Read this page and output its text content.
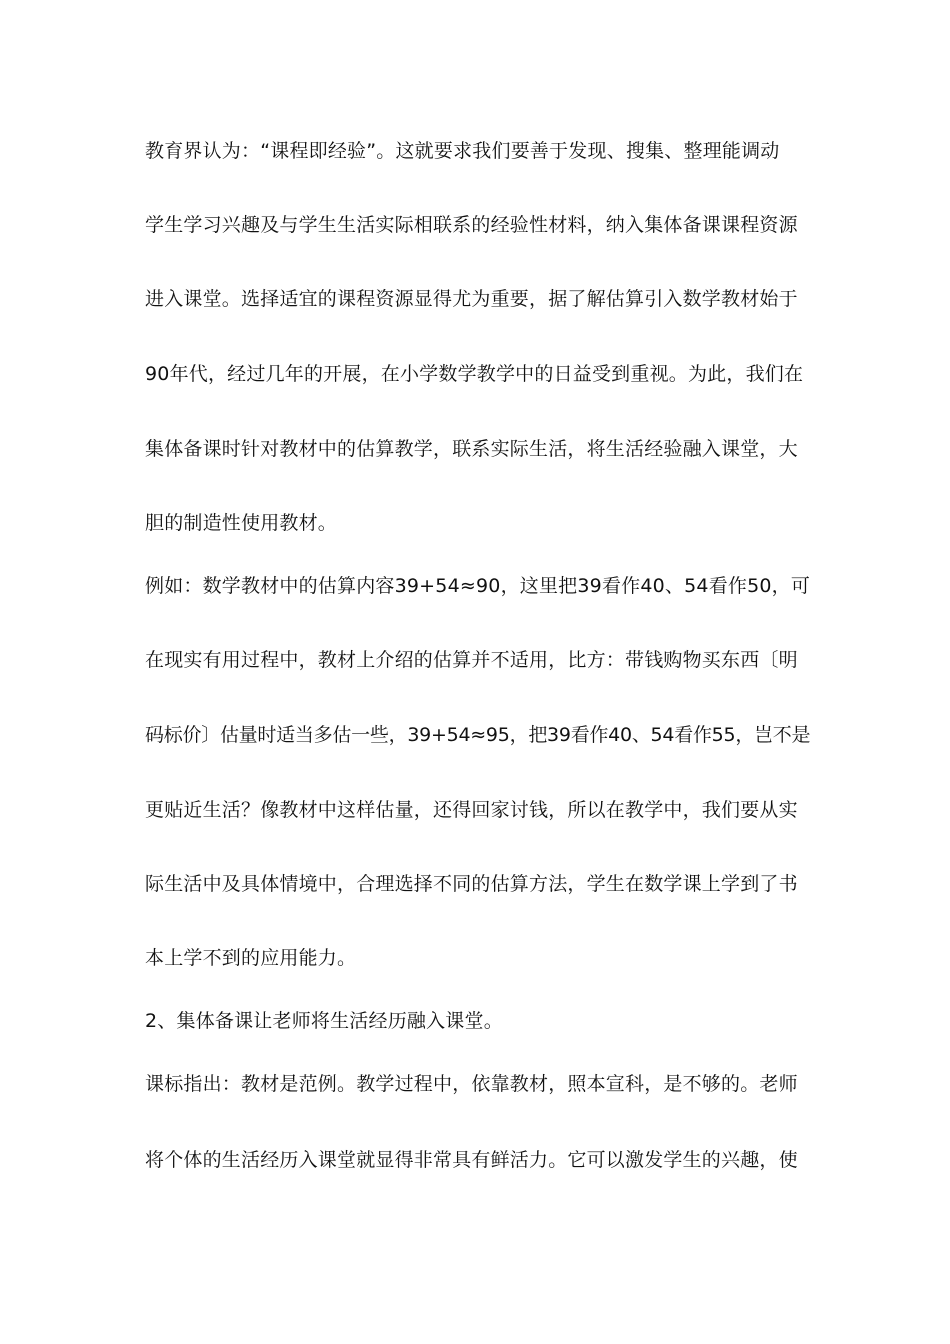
教育界认为：“课程即经验”。这就要求我们要善于发现、搜集、整理能调动
学生学习兴趣及与学生生活实际相联系的经验性材料，纳入集体备课课程资源
进入课堂。选择适宜的课程资源显得尤为重要，据了解估算引入数学教材始于
90年代，经过几年的开展，在小学数学教学中的日益受到重视。为此，我们在
集体备课时针对教材中的估算教学，联系实际生活，将生活经验融入课堂，大
胆的制造性使用教材。
例如：数学教材中的估算内容39+54≈90，这里把39看作40、54看作50，可
在现实有用过程中，教材上介绍的估算并不适用，比方：带钱购物买东西〔明
码标价〕估量时适当多估一些，39+54≈95，把39看作40、54看作55，岂不是
更贴近生活？像教材中这样估量，还得回家讨钱，所以在教学中，我们要从实
际生活中及具体情境中，合理选择不同的估算方法，学生在数学课上学到了书
本上学不到的应用能力。
2、集体备课让老师将生活经历融入课堂。
课标指出：教材是范例。教学过程中，依靠教材，照本宣科，是不够的。老师
将个体的生活经历入课堂就显得非常具有鲜活力。它可以激发学生的兴趣，使
